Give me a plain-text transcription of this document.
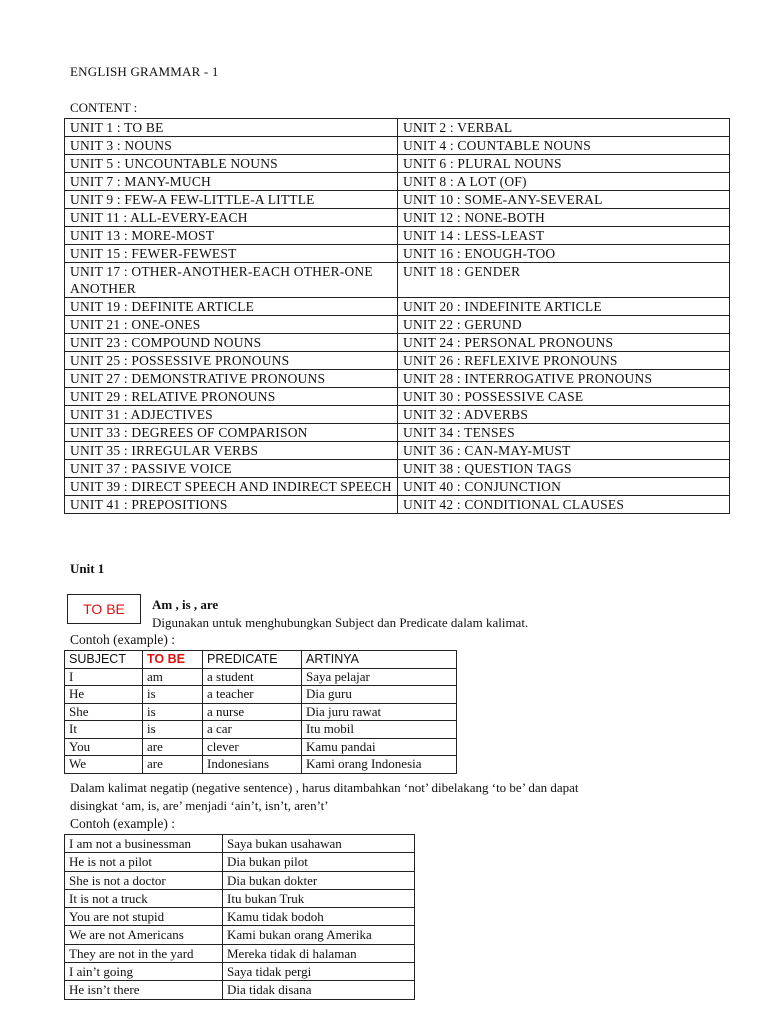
ENGLISH GRAMMAR - 1
CONTENT :
UNIT 1 : TO BE	UNIT 2 : VERBAL
UNIT 3 : NOUNS	UNIT 4 : COUNTABLE NOUNS
UNIT 5 : UNCOUNTABLE NOUNS	UNIT 6 : PLURAL NOUNS
UNIT 7 : MANY-MUCH	UNIT 8 : A LOT (OF)
UNIT 9 : FEW-A FEW-LITTLE-A LITTLE	UNIT 10 : SOME-ANY-SEVERAL
UNIT 11 : ALL-EVERY-EACH	UNIT 12 : NONE-BOTH
UNIT 13 : MORE-MOST	UNIT 14 : LESS-LEAST
UNIT 15 : FEWER-FEWEST	UNIT 16 : ENOUGH-TOO
UNIT 17 : OTHER-ANOTHER-EACH OTHER-ONE ANOTHER	UNIT 18 : GENDER
UNIT 19 : DEFINITE ARTICLE	UNIT 20 : INDEFINITE ARTICLE
UNIT 21 : ONE-ONES	UNIT 22 : GERUND
UNIT 23 : COMPOUND NOUNS	UNIT 24 : PERSONAL PRONOUNS
UNIT 25 : POSSESSIVE PRONOUNS	UNIT 26 : REFLEXIVE PRONOUNS
UNIT 27 : DEMONSTRATIVE PRONOUNS	UNIT 28 : INTERROGATIVE PRONOUNS
UNIT 29 : RELATIVE PRONOUNS	UNIT 30 : POSSESSIVE CASE
UNIT 31 : ADJECTIVES	UNIT 32 : ADVERBS
UNIT 33 : DEGREES OF COMPARISON	UNIT 34 : TENSES
UNIT 35 : IRREGULAR VERBS	UNIT 36 : CAN-MAY-MUST
UNIT 37 : PASSIVE VOICE	UNIT 38 : QUESTION TAGS
UNIT 39 : DIRECT SPEECH AND INDIRECT SPEECH	UNIT 40 : CONJUNCTION
UNIT 41 : PREPOSITIONS	UNIT 42 : CONDITIONAL CLAUSES
Unit 1
TO BE	Am , is , are
Digunakan untuk menghubungkan Subject dan Predicate dalam kalimat.
Contoh (example) :
SUBJECT	TO BE	PREDICATE	ARTINYA
I	am	a student	Saya pelajar
He	is	a teacher	Dia guru
She	is	a nurse	Dia juru rawat
It	is	a car	Itu mobil
You	are	clever	Kamu pandai
We	are	Indonesians	Kami orang Indonesia
Dalam kalimat negatip (negative sentence) , harus ditambahkan ‘not’ dibelakang ‘to be’ dan dapat
disingkat ‘am, is, are’ menjadi ‘ain’t, isn’t, aren’t’
Contoh (example) :
I am not a businessman	Saya bukan usahawan
He is not a pilot	Dia bukan pilot
She is not a doctor	Dia bukan dokter
It is not a truck	Itu bukan Truk
You are not stupid	Kamu tidak bodoh
We are not Americans	Kami bukan orang Amerika
They are not in the yard	Mereka tidak di halaman
I ain’t going	Saya tidak pergi
He isn’t there	Dia tidak disana
